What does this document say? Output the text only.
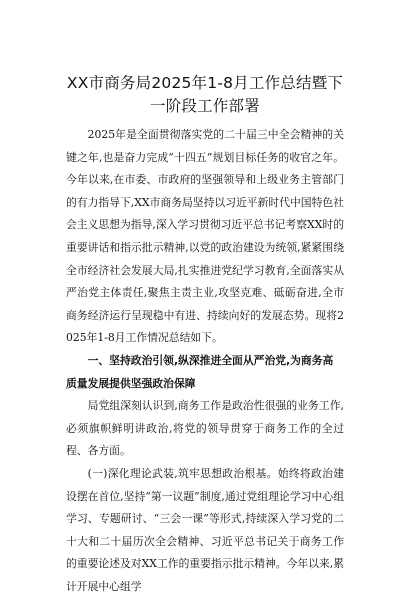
XX市商务局2025年1-8月工作总结暨下一阶段工作部署

2025年是全面贯彻落实党的二十届三中全会精神的关键之年,也是奋力完成“十四五”规划目标任务的收官之年。今年以来,在市委、市政府的坚强领导和上级业务主管部门的有力指导下,XX市商务局坚持以习近平新时代中国特色社会主义思想为指导,深入学习贯彻习近平总书记考察XX时的重要讲话和指示批示精神,以党的政治建设为统领,紧紧围绕全市经济社会发展大局,扎实推进党纪学习教育,全面落实从严治党主体责任,聚焦主责主业,攻坚克难、砥砺奋进,全市商务经济运行呈现稳中有进、持续向好的发展态势。现将2025年1-8月工作情况总结如下。

一、坚持政治引领,纵深推进全面从严治党,为商务高质量发展提供坚强政治保障

局党组深刻认识到,商务工作是政治性很强的业务工作,必须旗帜鲜明讲政治,将党的领导贯穿于商务工作的全过程、各方面。

(一)深化理论武装,筑牢思想政治根基。始终将政治建设摆在首位,坚持“第一议题”制度,通过党组理论学习中心组学习、专题研讨、“三会一课”等形式,持续深入学习党的二十大和二十届历次全会精神、习近平总书记关于商务工作的重要论述及对XX工作的重要指示批示精神。今年以来,累计开展中心组学
